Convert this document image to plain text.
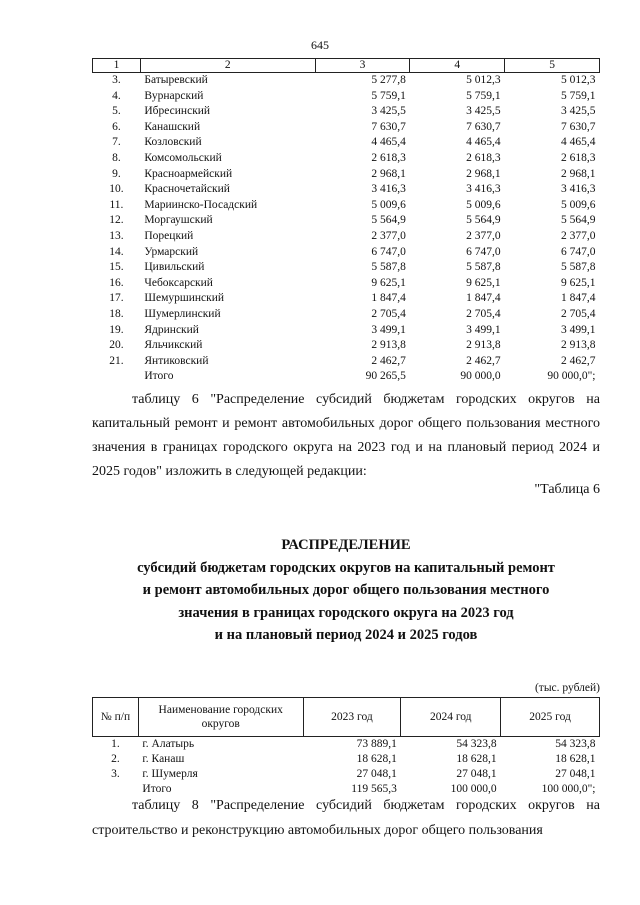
645
1	2	3	4	5
3.	Батыревский	5 277,8	5 012,3	5 012,3
4.	Вурнарский	5 759,1	5 759,1	5 759,1
5.	Ибресинский	3 425,5	3 425,5	3 425,5
6.	Канашский	7 630,7	7 630,7	7 630,7
7.	Козловский	4 465,4	4 465,4	4 465,4
8.	Комсомольский	2 618,3	2 618,3	2 618,3
9.	Красноармейский	2 968,1	2 968,1	2 968,1
10.	Красночетайский	3 416,3	3 416,3	3 416,3
11.	Мариинско-Посадский	5 009,6	5 009,6	5 009,6
12.	Моргаушский	5 564,9	5 564,9	5 564,9
13.	Порецкий	2 377,0	2 377,0	2 377,0
14.	Урмарский	6 747,0	6 747,0	6 747,0
15.	Цивильский	5 587,8	5 587,8	5 587,8
16.	Чебоксарский	9 625,1	9 625,1	9 625,1
17.	Шемуршинский	1 847,4	1 847,4	1 847,4
18.	Шумерлинский	2 705,4	2 705,4	2 705,4
19.	Ядринский	3 499,1	3 499,1	3 499,1
20.	Яльчикский	2 913,8	2 913,8	2 913,8
21.	Янтиковский	2 462,7	2 462,7	2 462,7
	Итого	90 265,5	90 000,0	90 000,0";
таблицу 6 "Распределение субсидий бюджетам городских округов на капитальный ремонт и ремонт автомобильных дорог общего пользования местного значения в границах городского округа на 2023 год и на плановый период 2024 и 2025 годов" изложить в следующей редакции:
"Таблица 6
РАСПРЕДЕЛЕНИЕ
субсидий бюджетам городских округов на капитальный ремонт
и ремонт автомобильных дорог общего пользования местного
значения в границах городского округа на 2023 год
и на плановый период 2024 и 2025 годов
(тыс. рублей)
№ п/п	Наименование городских округов	2023 год	2024 год	2025 год
1.	г. Алатырь	73 889,1	54 323,8	54 323,8
2.	г. Канаш	18 628,1	18 628,1	18 628,1
3.	г. Шумерля	27 048,1	27 048,1	27 048,1
	Итого	119 565,3	100 000,0	100 000,0";
таблицу 8 "Распределение субсидий бюджетам городских округов на строительство и реконструкцию автомобильных дорог общего пользования
